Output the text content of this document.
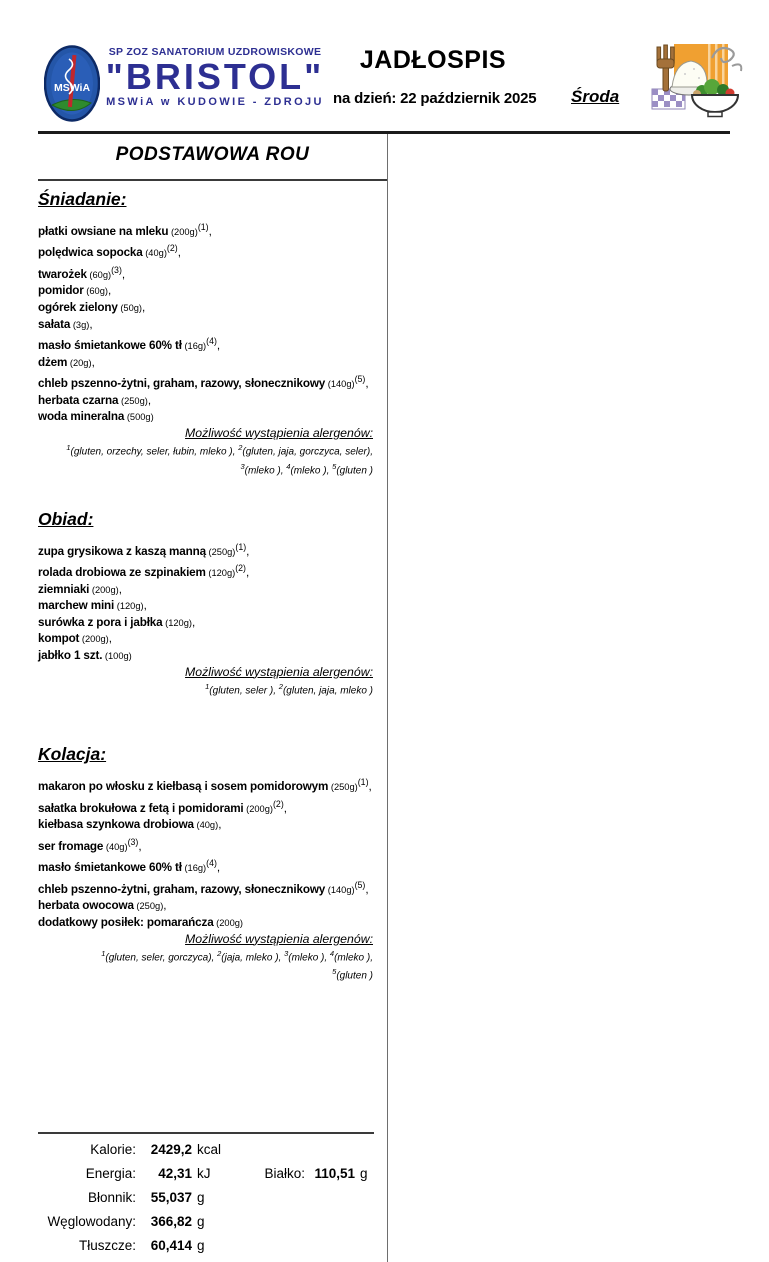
MSWiA
SP ZOZ SANATORIUM UZDROWISKOWE
"BRISTOL"
MSWiA w KUDOWIE - ZDROJU
JADŁOSPIS
na dzień: 22 październik 2025 Środa
PODSTAWOWA ROU
Śniadanie:
płatki owsiane na mleku $(200g)^{(1)}$,
polędwica sopocka $(40g)^{(2)}$,
twarożek $(60g)^{(3)}$,
pomidor (60g),
ogórek zielony (50g),
sałata (3g),
masło śmietankowe 60% tł $(16g)^{(4)}$,
dżem (20g),
chleb pszenno-żytni, graham, razowy, słonecznikowy $(140g)^{(5)}$,
herbata czarna (250g),
woda mineralna (500g)
Możliwość wystąpienia alergenów:
$^1$(gluten, orzechy, seler, łubin, mleko ), $^2$(gluten, jaja, gorczyca, seler),
$^3$(mleko ), $^4$(mleko ), $^5$(gluten )
Obiad:
zupa grysikowa z kaszą manną $(250g)^{(1)}$,
rolada drobiowa ze szpinakiem $(120g)^{(2)}$,
ziemniaki (200g),
marchew mini (120g),
surówka z pora i jabłka (120g),
kompot (200g),
jabłko 1 szt. (100g)
Możliwość wystąpienia alergenów:
$^1$(gluten, seler ), $^2$(gluten, jaja, mleko )
Kolacja:
makaron po włosku z kiełbasą i sosem pomidorowym $(250g)^{(1)}$,
sałatka brokułowa z fetą i pomidorami $(200g)^{(2)}$,
kiełbasa szynkowa drobiowa (40g),
ser fromage $(40g)^{(3)}$,
masło śmietankowe 60% tł $(16g)^{(4)}$,
chleb pszenno-żytni, graham, razowy, słonecznikowy $(140g)^{(5)}$,
herbata owocowa (250g),
dodatkowy posiłek: pomarańcza (200g)
Możliwość wystąpienia alergenów:
$^1$(gluten, seler, gorczyca), $^2$(jaja, mleko ), $^3$(mleko ), $^4$(mleko ),
$^5$(gluten )
Kalorie:	2429,2 kcal
Energia:	42,31 kJ	Białko: 110,51 g
Błonnik:	55,037 g
Węglowodany:	366,82 g
Tłuszcze:	60,414 g
